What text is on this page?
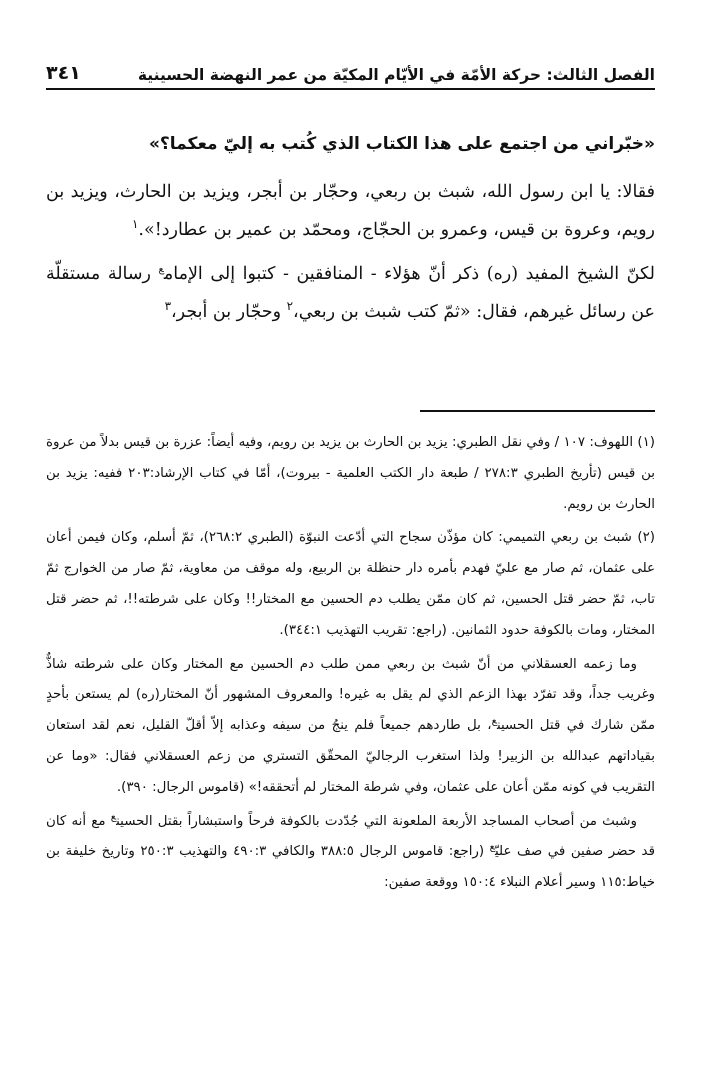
الفصل الثالث: حركة الأمّة في الأيّام المكيّة من عمر النهضة الحسينية
٣٤١

«خبّراني من اجتمع على هذا الكتاب الذي كُتب به إليّ معكما؟»

فقالا: يا ابن رسول الله، شبث بن ربعي، وحجّار بن أبجر، ويزيد بن الحارث، ويزيد بن رويم، وعروة بن قيس، وعمرو بن الحجّاج، ومحمّد بن عمير بن عطارد!».$^١$

لكنّ الشيخ المفيد (ره) ذكر أنّ هؤلاء - المنافقين - كتبوا إلى الإمام$^ع$ رسالة مستقلّة عن رسائل غيرهم، فقال: «ثمّ كتب شبث بن ربعي،$^٢$ وحجّار بن أبجر،$^٣$

(١) اللهوف: ١٠٧ / وفي نقل الطبري: يزيد بن الحارث بن يزيد بن رويم، وفيه أيضاً: عزرة بن قيس بدلاً من عروة بن قيس (تأريخ الطبري ٢٧٨:٣ / طبعة دار الكتب العلمية - بيروت)، أمّا في كتاب الإرشاد:٢٠٣ ففيه: يزيد بن الحارث بن رويم.

(٢) شبث بن ربعي التميمي: كان مؤذّن سجاح التي أدّعت النبوّة (الطبري ٢٦٨:٢)، ثمّ أسلم، وكان فيمن أعان على عثمان، ثم صار مع عليّ فهدم بأمره دار حنظلة بن الربيع، وله موقف من معاوية، ثمّ صار من الخوارج ثمّ تاب، ثمّ حضر قتل الحسين، ثم كان ممّن يطلب دم الحسين مع المختار!! وكان على شرطته!!، ثم حضر قتل المختار، ومات بالكوفة حدود الثمانين. (راجع: تقريب التهذيب ٣٤٤:١).

وما زعمه العسقلاني من أنّ شبث بن ربعي ممن طلب دم الحسين مع المختار وكان على شرطته شاذٌّ وغريب جداً، وقد تفرّد بهذا الزعم الذي لم يقل به غيره! والمعروف المشهور أنّ المختار(ره) لم يستعن بأحدٍ ممّن شارك في قتل الحسين$^ع$، بل طاردهم جميعاً فلم ينجُ من سيفه وعذابه إلاّ أقلّ القليل، نعم لقد استعان بقياداتهم عبدالله بن الزبير! ولذا استغرب الرجاليّ المحقّق التستري من زعم العسقلاني فقال: «وما عن التقريب في كونه ممّن أعان على عثمان، وفي شرطة المختار لم أتحققه!» (قاموس الرجال: ٣٩٠).

وشبث من أصحاب المساجد الأربعة الملعونة التي جُدّدت بالكوفة فرحاً واستبشاراً بقتل الحسين$^ع$ مع أنه كان قد حضر صفين في صف عليّ$^ع$ (راجع: قاموس الرجال ٣٨٨:٥ والكافي ٤٩٠:٣ والتهذيب ٢٥٠:٣ وتاريخ خليفة بن خياط:١١٥ وسير أعلام النبلاء ١٥٠:٤ ووقعة صفين:
